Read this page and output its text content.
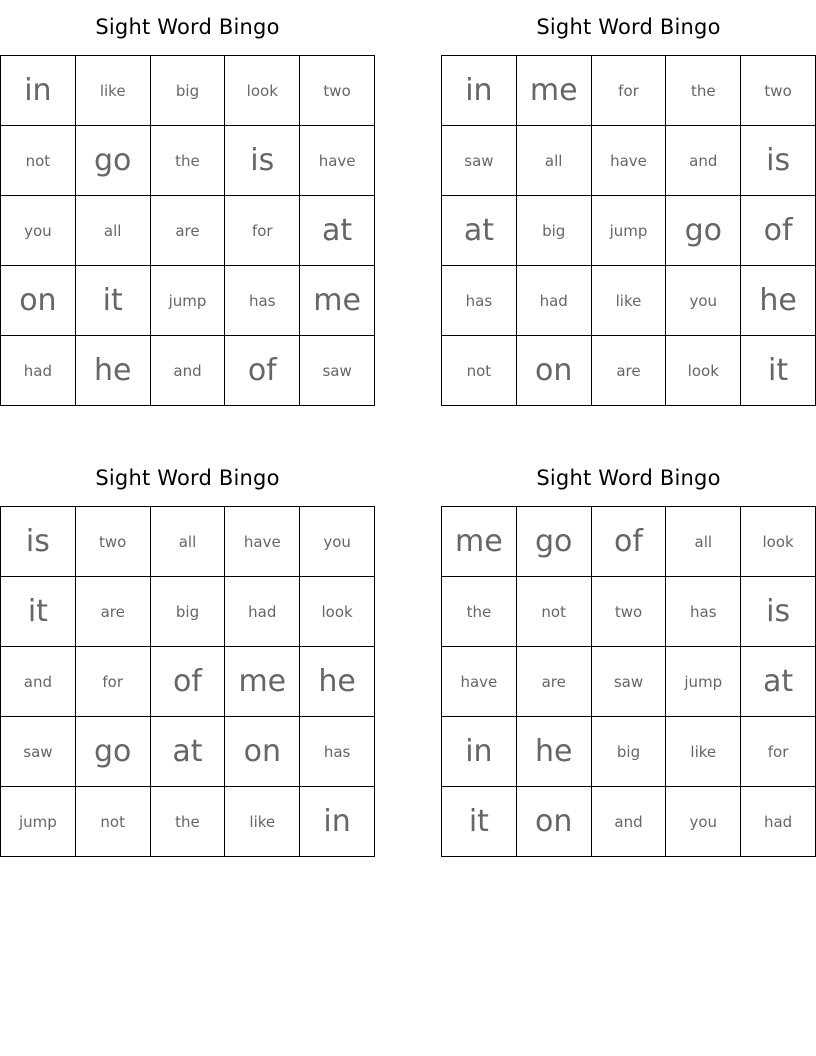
Sight Word Bingo
in	like	big	look	two
not	go	the	is	have
you	all	are	for	at
on	it	jump	has	me
had	he	and	of	saw
Sight Word Bingo
in	me	for	the	two
saw	all	have	and	is
at	big	jump	go	of
has	had	like	you	he
not	on	are	look	it
Sight Word Bingo
is	two	all	have	you
it	are	big	had	look
and	for	of	me	he
saw	go	at	on	has
jump	not	the	like	in
Sight Word Bingo
me	go	of	all	look
the	not	two	has	is
have	are	saw	jump	at
in	he	big	like	for
it	on	and	you	had
